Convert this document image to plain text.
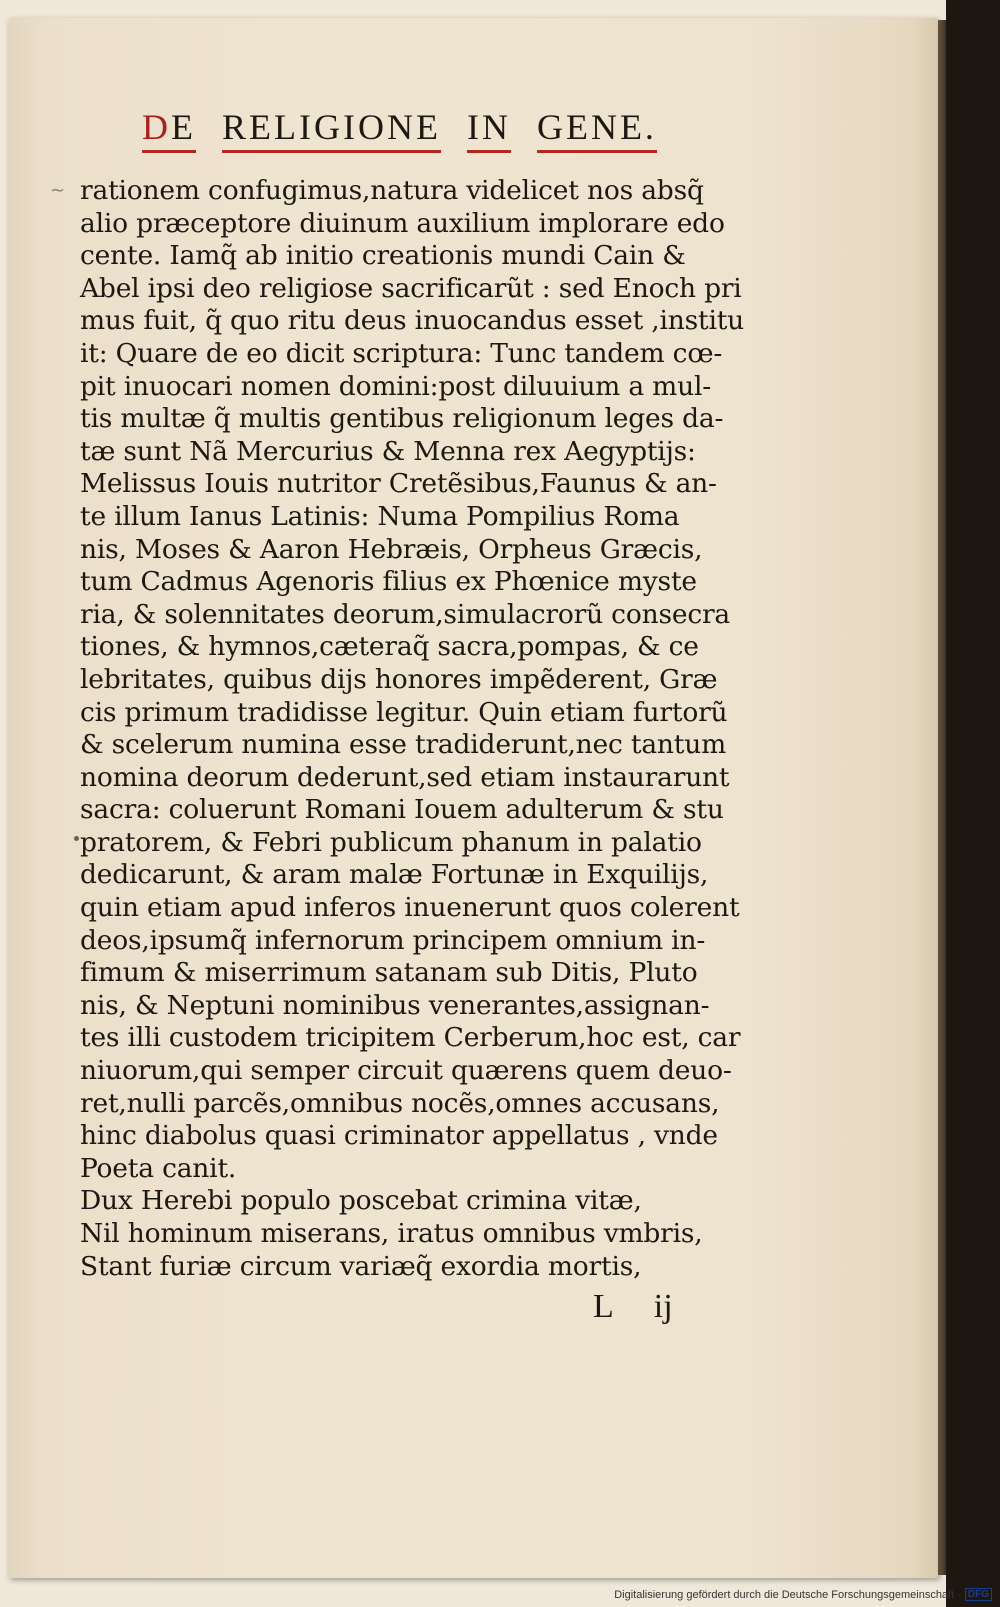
∼
DE RELIGIONE IN GENE.
rationem confugimus,natura videlicet nos absq̃
alio præceptore diuinum auxilium implorare edo
cente. Iamq̃ ab initio creationis mundi Cain &
Abel ipsi deo religiose sacrificarũt : sed Enoch pri
mus fuit, q̃ quo ritu deus inuocandus esset ,institu
it: Quare de eo dicit scriptura: Tunc tandem cœ-
pit inuocari nomen domini:post diluuium a mul-
tis multæ q̃ multis gentibus religionum leges da-
tæ sunt Nã Mercurius & Menna rex Aegyptijs:
Melissus Iouis nutritor Cretẽsibus,Faunus & an-
te illum Ianus Latinis: Numa Pompilius Roma
nis, Moses & Aaron Hebræis, Orpheus Græcis,
tum Cadmus Agenoris filius ex Phœnice myste
ria, & solennitates deorum,simulacrorũ consecra
tiones, & hymnos,cæteraq̃ sacra,pompas, & ce
lebritates, quibus dijs honores impẽderent, Græ
cis primum tradidisse legitur. Quin etiam furtorũ
& scelerum numina esse tradiderunt,nec tantum
nomina deorum dederunt,sed etiam instaurarunt
sacra: coluerunt Romani Iouem adulterum & stu
pratorem, & Febri publicum phanum in palatio
dedicarunt, & aram malæ Fortunæ in Exquilijs,
quin etiam apud inferos inuenerunt quos colerent
deos,ipsumq̃ infernorum principem omnium in-
fimum & miserrimum satanam sub Ditis, Pluto
nis, & Neptuni nominibus venerantes,assignan-
tes illi custodem tricipitem Cerberum,hoc est, car
niuorum,qui semper circuit quærens quem deuo-
ret,nulli parcẽs,omnibus nocẽs,omnes accusans,
hinc diabolus quasi criminator appellatus , vnde
Poeta canit.
Dux Herebi populo poscebat crimina vitæ,
Nil hominum miserans, iratus omnibus vmbris,
Stant furiæ circum variæq̃ exordia mortis,
L ij
Digitalisierung gefördert durch die Deutsche Forschungsgemeinschaft - DFG
